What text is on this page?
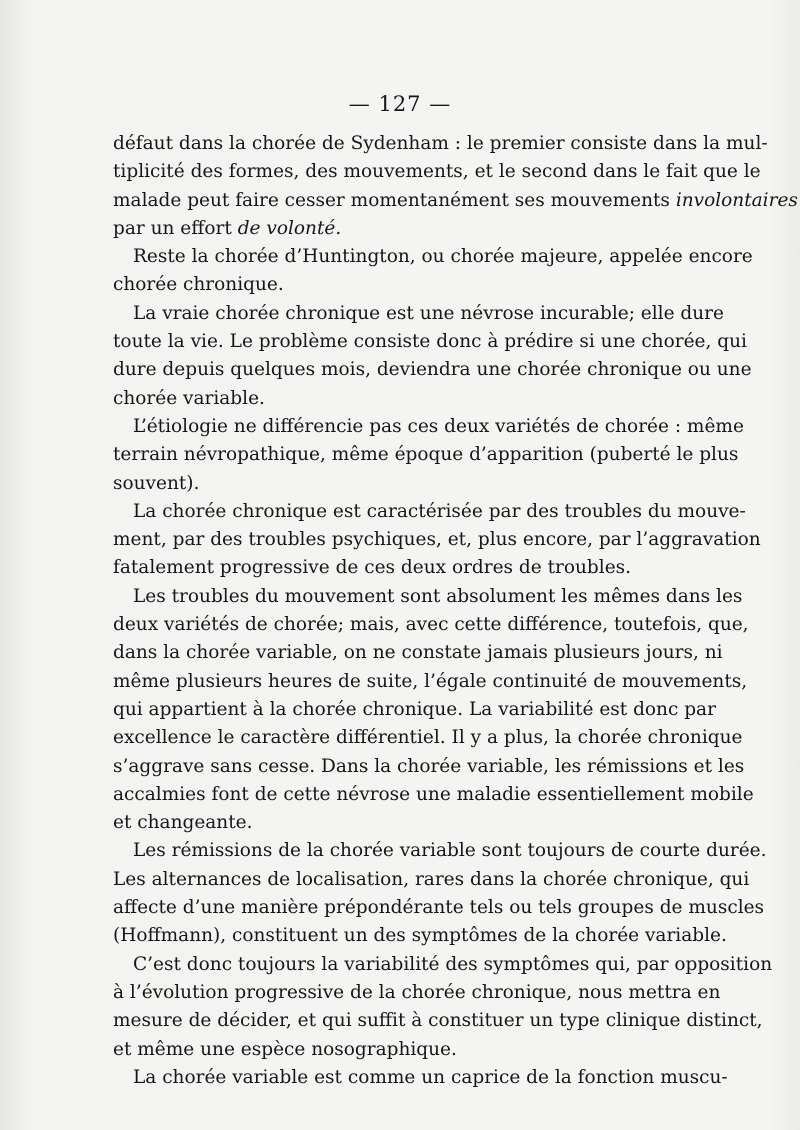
— 127 —
défaut dans la chorée de Sydenham : le premier consiste dans la mul-
tiplicité des formes, des mouvements, et le second dans le fait que le
malade peut faire cesser momentanément ses mouvements involontaires
par un effort de volonté.
Reste la chorée d’Huntington, ou chorée majeure, appelée encore
chorée chronique.
La vraie chorée chronique est une névrose incurable; elle dure
toute la vie. Le problème consiste donc à prédire si une chorée, qui
dure depuis quelques mois, deviendra une chorée chronique ou une
chorée variable.
L’étiologie ne différencie pas ces deux variétés de chorée : même
terrain névropathique, même époque d’apparition (puberté le plus
souvent).
La chorée chronique est caractérisée par des troubles du mouve-
ment, par des troubles psychiques, et, plus encore, par l’aggravation
fatalement progressive de ces deux ordres de troubles.
Les troubles du mouvement sont absolument les mêmes dans les
deux variétés de chorée; mais, avec cette différence, toutefois, que,
dans la chorée variable, on ne constate jamais plusieurs jours, ni
même plusieurs heures de suite, l’égale continuité de mouvements,
qui appartient à la chorée chronique. La variabilité est donc par
excellence le caractère différentiel. Il y a plus, la chorée chronique
s’aggrave sans cesse. Dans la chorée variable, les rémissions et les
accalmies font de cette névrose une maladie essentiellement mobile
et changeante.
Les rémissions de la chorée variable sont toujours de courte durée.
Les alternances de localisation, rares dans la chorée chronique, qui
affecte d’une manière prépondérante tels ou tels groupes de muscles
(Hoffmann), constituent un des symptômes de la chorée variable.
C’est donc toujours la variabilité des symptômes qui, par opposition
à l’évolution progressive de la chorée chronique, nous mettra en
mesure de décider, et qui suffit à constituer un type clinique distinct,
et même une espèce nosographique.
La chorée variable est comme un caprice de la fonction muscu-
